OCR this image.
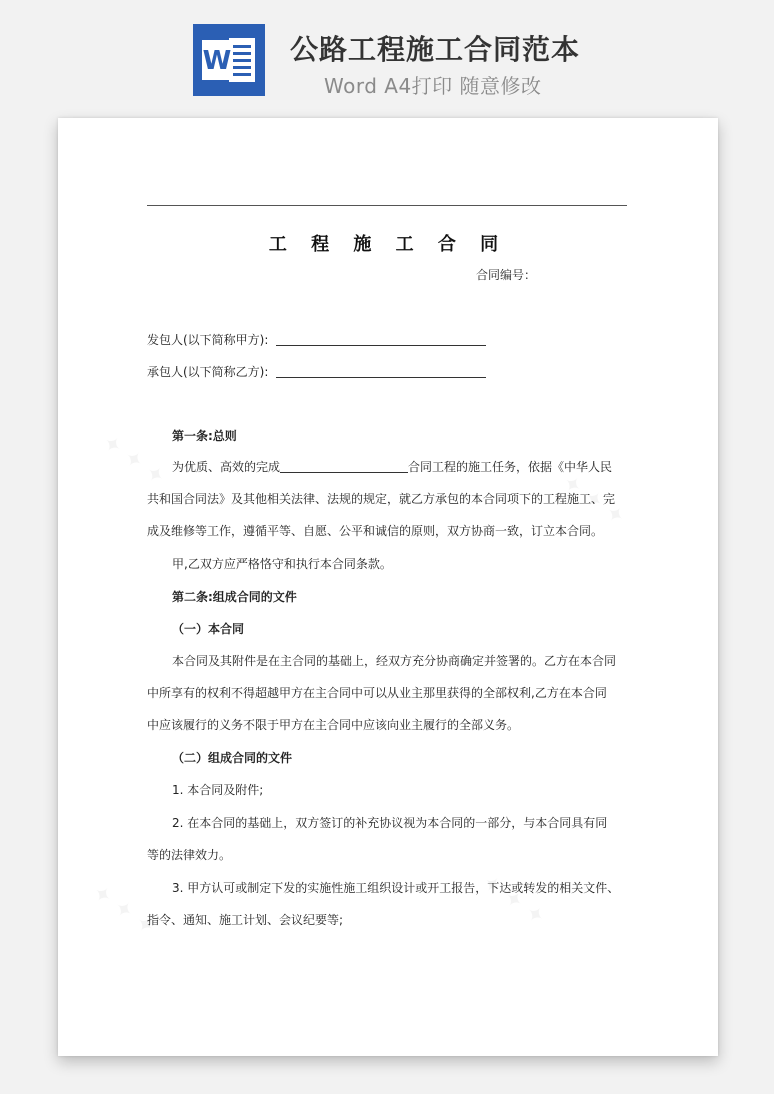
W 公路工程施工合同范本
Word A4打印 随意修改
工 程 施 工 合 同
合同编号：
发包人(以下简称甲方):
承包人(以下简称乙方):
第一条:总则
为优质、高效的完成	合同工程的施工任务，依据《中华人民
共和国合同法》及其他相关法律、法规的规定，就乙方承包的本合同项下的工程施工、完
成及维修等工作，遵循平等、自愿、公平和诚信的原则，双方协商一致，订立本合同。
甲,乙双方应严格恪守和执行本合同条款。
第二条:组成合同的文件
（一）本合同
本合同及其附件是在主合同的基础上，经双方充分协商确定并签署的。乙方在本合同
中所享有的权利不得超越甲方在主合同中可以从业主那里获得的全部权利,乙方在本合同
中应该履行的义务不限于甲方在主合同中应该向业主履行的全部义务。
（二）组成合同的文件
1. 本合同及附件;
2. 在本合同的基础上，双方签订的补充协议视为本合同的一部分，与本合同具有同
等的法律效力。
3. 甲方认可或制定下发的实施性施工组织设计或开工报告，下达或转发的相关文件、
指令、通知、施工计划、会议纪要等;
